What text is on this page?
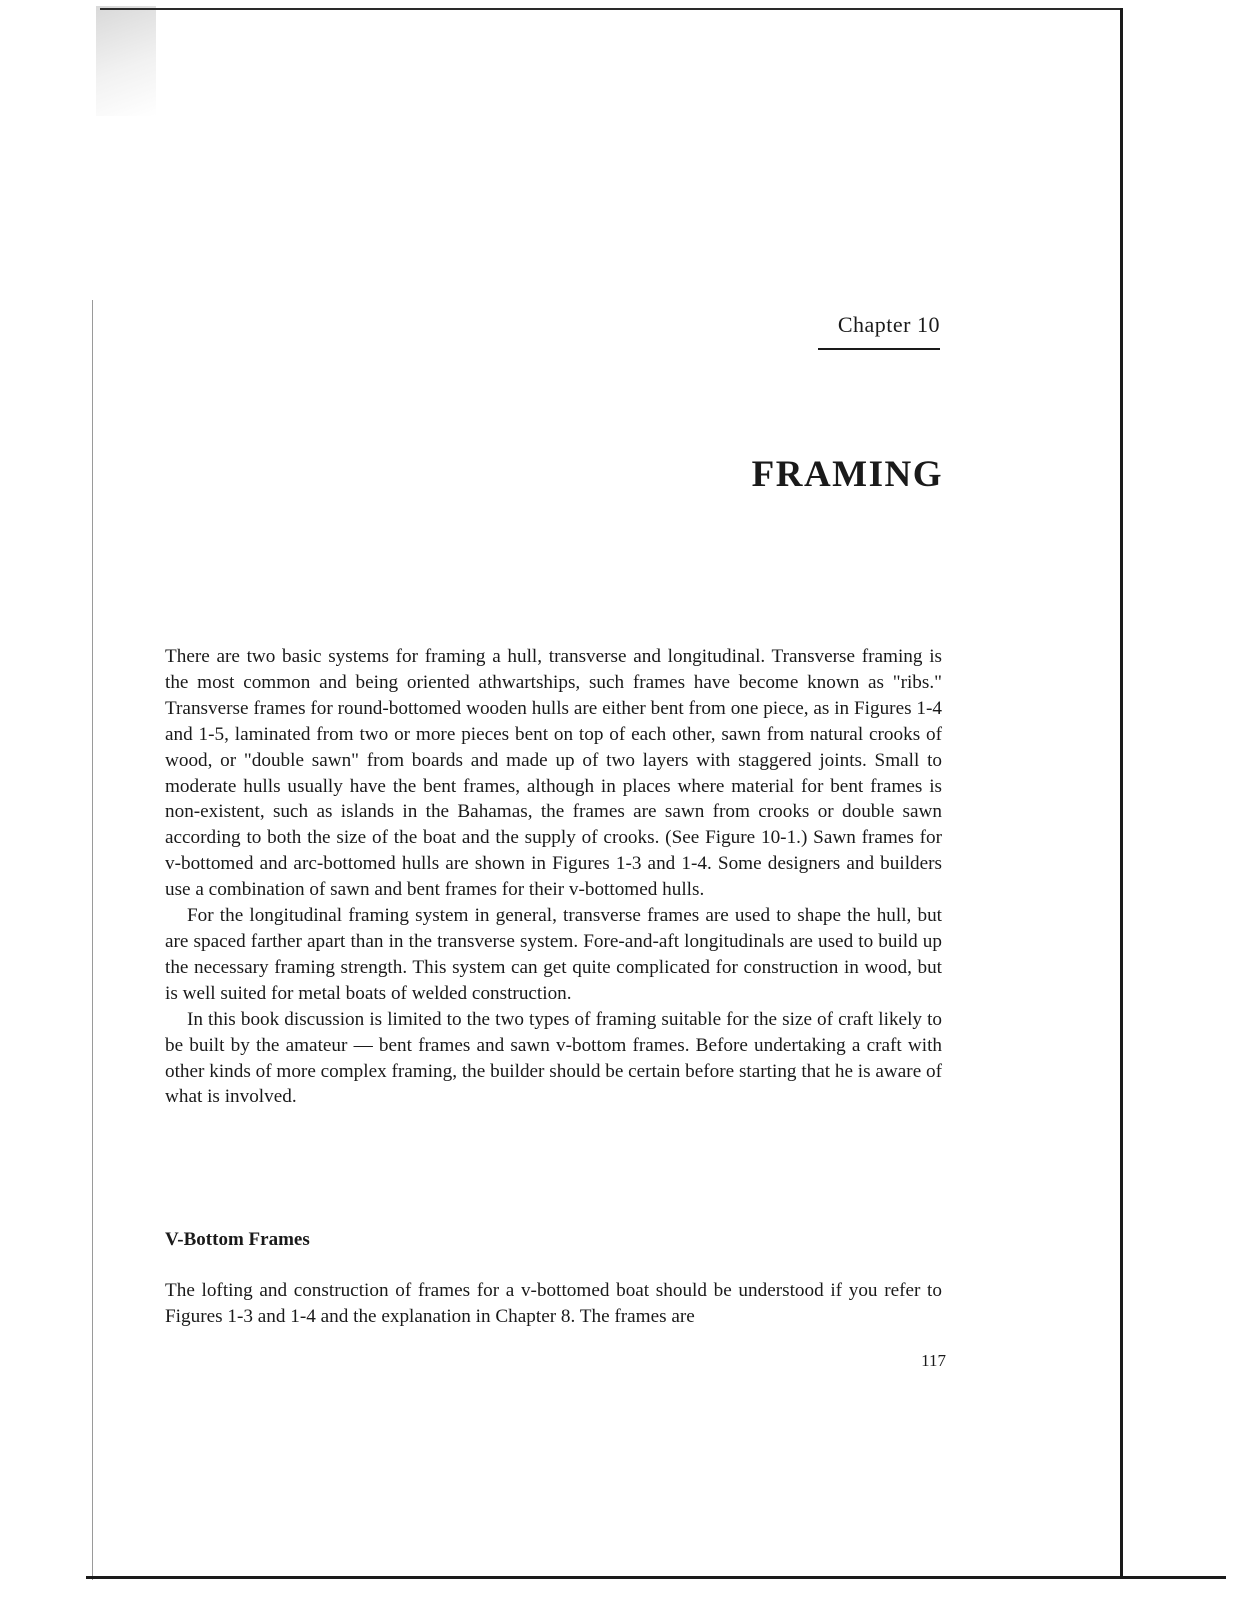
Chapter 10
FRAMING

There are two basic systems for framing a hull, transverse and longitudinal. Transverse framing is the most common and being oriented athwartships, such frames have become known as "ribs." Transverse frames for round-bottomed wooden hulls are either bent from one piece, as in Figures 1-4 and 1-5, laminated from two or more pieces bent on top of each other, sawn from natural crooks of wood, or "double sawn" from boards and made up of two layers with staggered joints. Small to moderate hulls usually have the bent frames, although in places where material for bent frames is non-existent, such as islands in the Bahamas, the frames are sawn from crooks or double sawn according to both the size of the boat and the supply of crooks. (See Figure 10-1.) Sawn frames for v-bottomed and arc-bottomed hulls are shown in Figures 1-3 and 1-4. Some designers and builders use a combination of sawn and bent frames for their v-bottomed hulls.

For the longitudinal framing system in general, transverse frames are used to shape the hull, but are spaced farther apart than in the transverse system. Fore-and-aft longitudinals are used to build up the necessary framing strength. This system can get quite complicated for construction in wood, but is well suited for metal boats of welded construction.

In this book discussion is limited to the two types of framing suitable for the size of craft likely to be built by the amateur — bent frames and sawn v-bottom frames. Before undertaking a craft with other kinds of more complex framing, the builder should be certain before starting that he is aware of what is involved.

V-Bottom Frames

The lofting and construction of frames for a v-bottomed boat should be understood if you refer to Figures 1-3 and 1-4 and the explanation in Chapter 8. The frames are

117
